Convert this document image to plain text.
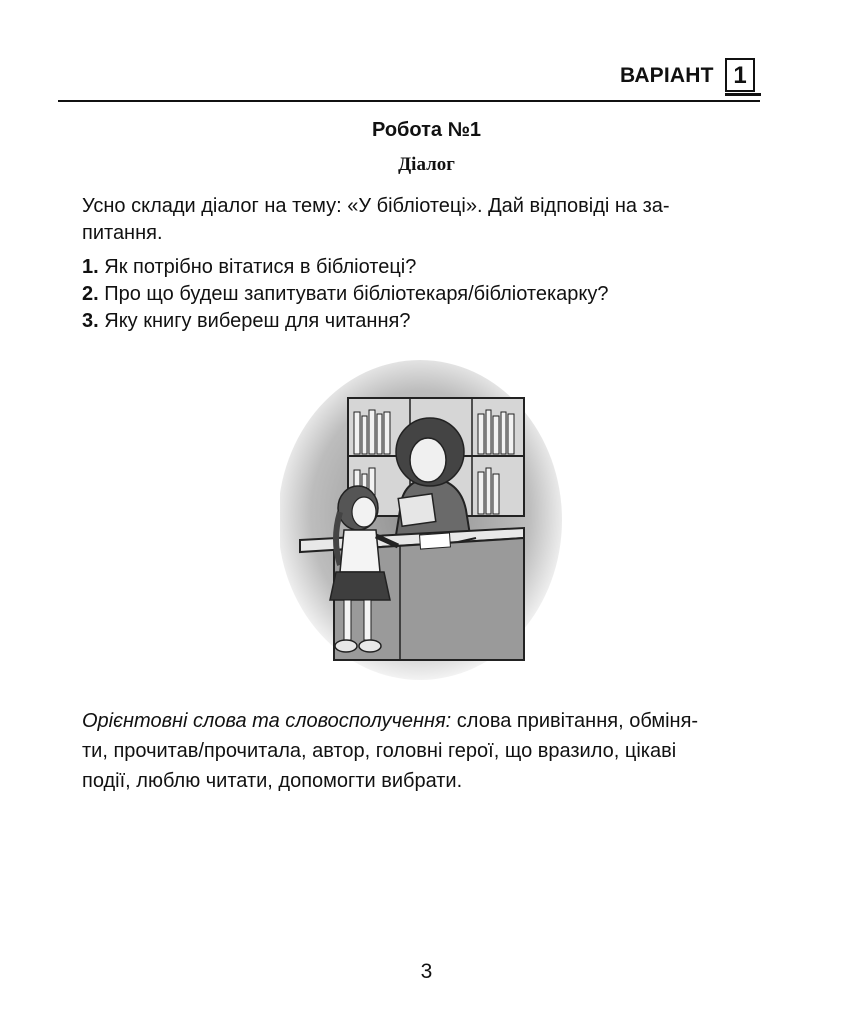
ВАРІАНТ 1
Робота №1
Діалог
Усно склади діалог на тему: «У бібліотеці». Дай відповіді на за-
питання.
1. Як потрібно вітатися в бібліотеці?
2. Про що будеш запитувати бібліотекаря/бібліотекарку?
3. Яку книгу вибереш для читання?
Орієнтовні слова та словосполучення: слова привітання, обміня-
ти, прочитав/прочитала, автор, головні герої, що вразило, цікаві
події, люблю читати, допомогти вибрати.
3
